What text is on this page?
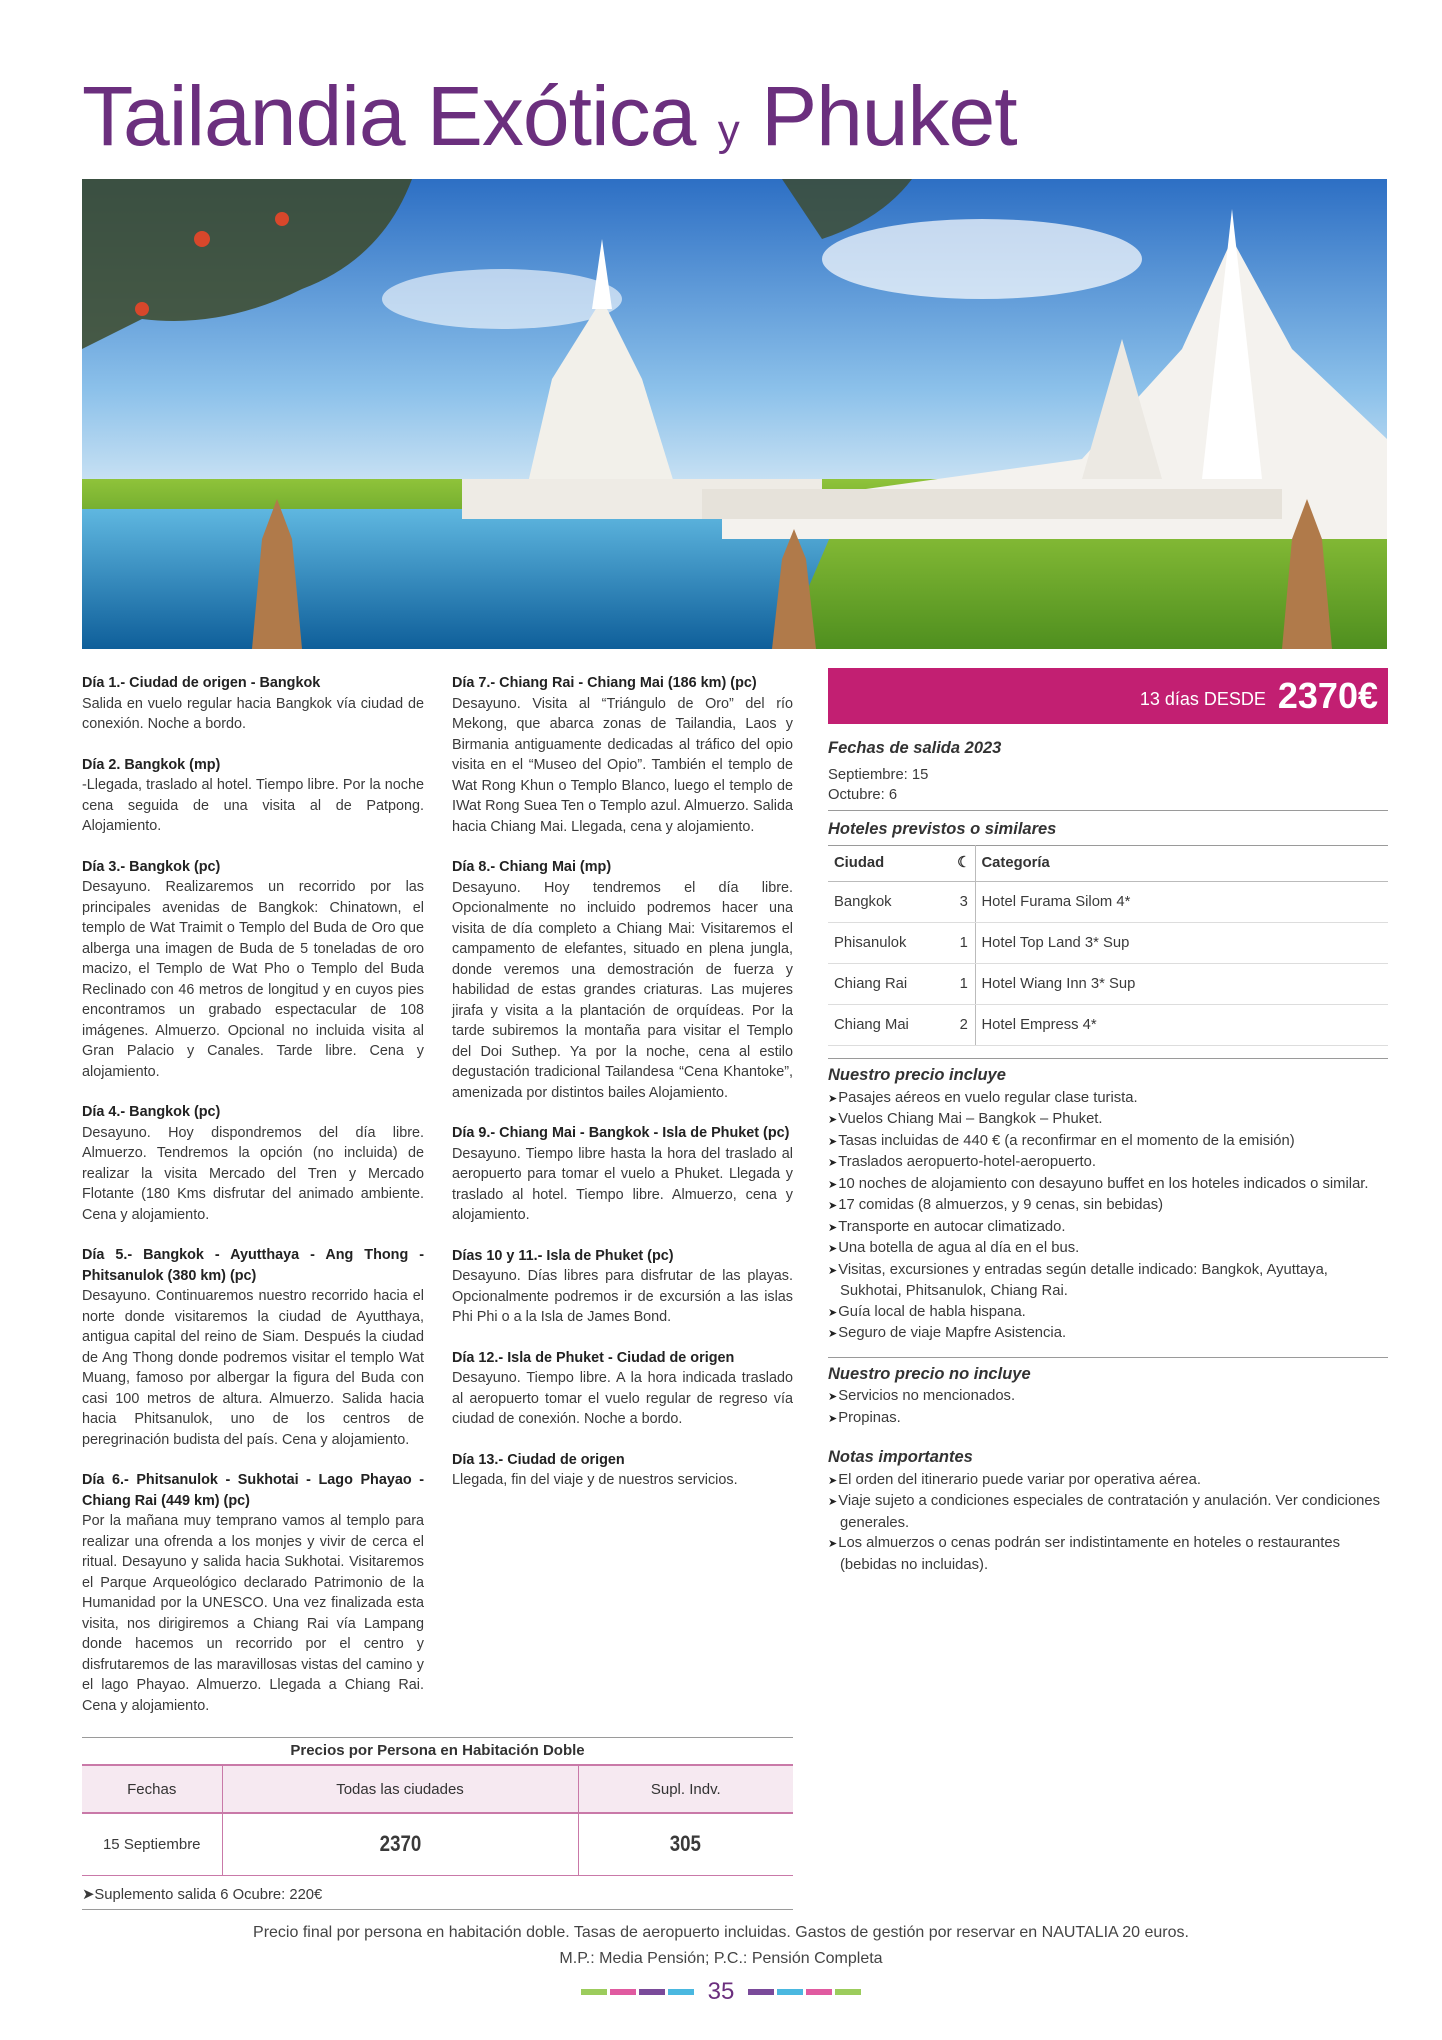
Tailandia Exótica y Phuket
Día 1.- Ciudad de origen - Bangkok
Salida en vuelo regular hacia Bangkok vía ciudad de conexión. Noche a bordo.
Día 2. Bangkok (mp)
-Llegada, traslado al hotel. Tiempo libre. Por la noche cena seguida de una visita al de Patpong. Alojamiento.
Día 3.- Bangkok (pc)
Desayuno. Realizaremos un recorrido por las principales avenidas de Bangkok: Chinatown, el templo de Wat Traimit o Templo del Buda de Oro que alberga una imagen de Buda de 5 toneladas de oro macizo, el Templo de Wat Pho o Templo del Buda Reclinado con 46 metros de longitud y en cuyos pies encontramos un grabado espectacular de 108 imágenes. Almuerzo. Opcional no incluida visita al Gran Palacio y Canales. Tarde libre. Cena y alojamiento.
Día 4.- Bangkok (pc)
Desayuno. Hoy dispondremos del día libre. Almuerzo. Tendremos la opción (no incluida) de realizar la visita Mercado del Tren y Mercado Flotante (180 Kms disfrutar del animado ambiente. Cena y alojamiento.
Día 5.- Bangkok - Ayutthaya - Ang Thong - Phitsanulok (380 km) (pc)
Desayuno. Continuaremos nuestro recorrido hacia el norte donde visitaremos la ciudad de Ayutthaya, antigua capital del reino de Siam. Después la ciudad de Ang Thong donde podremos visitar el templo Wat Muang, famoso por albergar la figura del Buda con casi 100 metros de altura. Almuerzo. Salida hacia hacia Phitsanulok, uno de los centros de peregrinación budista del país. Cena y alojamiento.
Día 6.- Phitsanulok - Sukhotai - Lago Phayao - Chiang Rai (449 km) (pc)
Por la mañana muy temprano vamos al templo para realizar una ofrenda a los monjes y vivir de cerca el ritual. Desayuno y salida hacia Sukhotai. Visitaremos el Parque Arqueológico declarado Patrimonio de la Humanidad por la UNESCO. Una vez finalizada esta visita, nos dirigiremos a Chiang Rai vía Lampang donde hacemos un recorrido por el centro y disfrutaremos de las maravillosas vistas del camino y el lago Phayao. Almuerzo. Llegada a Chiang Rai. Cena y alojamiento.
Día 7.- Chiang Rai - Chiang Mai (186 km) (pc)
Desayuno. Visita al “Triángulo de Oro” del río Mekong, que abarca zonas de Tailandia, Laos y Birmania antiguamente dedicadas al tráfico del opio visita en el “Museo del Opio”. También el templo de Wat Rong Khun o Templo Blanco, luego el templo de IWat Rong Suea Ten o Templo azul. Almuerzo. Salida hacia Chiang Mai. Llegada, cena y alojamiento.
Día 8.- Chiang Mai (mp)
Desayuno. Hoy tendremos el día libre. Opcionalmente no incluido podremos hacer una visita de día completo a Chiang Mai: Visitaremos el campamento de elefantes, situado en plena jungla, donde veremos una demostración de fuerza y habilidad de estas grandes criaturas. Las mujeres jirafa y visita a la plantación de orquídeas. Por la tarde subiremos la montaña para visitar el Templo del Doi Suthep. Ya por la noche, cena al estilo degustación tradicional Tailandesa “Cena Khantoke”, amenizada por distintos bailes Alojamiento.
Día 9.- Chiang Mai - Bangkok - Isla de Phuket (pc)
Desayuno. Tiempo libre hasta la hora del traslado al aeropuerto para tomar el vuelo a Phuket. Llegada y traslado al hotel. Tiempo libre. Almuerzo, cena y alojamiento.
Días 10 y 11.- Isla de Phuket (pc)
Desayuno. Días libres para disfrutar de las playas. Opcionalmente podremos ir de excursión a las islas Phi Phi o a la Isla de James Bond.
Día 12.- Isla de Phuket - Ciudad de origen
Desayuno. Tiempo libre. A la hora indicada traslado al aeropuerto tomar el vuelo regular de regreso vía ciudad de conexión. Noche a bordo.
Día 13.- Ciudad de origen
Llegada, fin del viaje y de nuestros servicios.
13 días DESDE 2370€
Fechas de salida 2023
Septiembre: 15
Octubre: 6
Hoteles previstos o similares
Ciudad	☾	Categoría
Bangkok	3	Hotel Furama Silom 4*
Phisanulok	1	Hotel Top Land 3* Sup
Chiang Rai	1	Hotel Wiang Inn 3* Sup
Chiang Mai	2	Hotel Empress 4*
Nuestro precio incluye
➤ Pasajes aéreos en vuelo regular clase turista.
➤ Vuelos Chiang Mai – Bangkok – Phuket.
➤ Tasas incluidas de 440 € (a reconfirmar en el momento de la emisión)
➤ Traslados aeropuerto-hotel-aeropuerto.
➤ 10 noches de alojamiento con desayuno buffet en los hoteles indicados o similar.
➤ 17 comidas (8 almuerzos, y 9 cenas, sin bebidas)
➤ Transporte en autocar climatizado.
➤ Una botella de agua al día en el bus.
➤ Visitas, excursiones y entradas según detalle indicado: Bangkok, Ayuttaya, Sukhotai, Phitsanulok, Chiang Rai.
➤ Guía local de habla hispana.
➤ Seguro de viaje Mapfre Asistencia.
Nuestro precio no incluye
➤ Servicios no mencionados.
➤ Propinas.
Notas importantes
➤ El orden del itinerario puede variar por operativa aérea.
➤ Viaje sujeto a condiciones especiales de contratación y anulación. Ver condiciones generales.
➤ Los almuerzos o cenas podrán ser indistintamente en hoteles o restaurantes (bebidas no incluidas).
Precios por Persona en Habitación Doble
Fechas	Todas las ciudades	Supl. Indv.
15 Septiembre	2370	305
➤Suplemento salida 6 Ocubre: 220€
Precio final por persona en habitación doble. Tasas de aeropuerto incluidas. Gastos de gestión por reservar en NAUTALIA 20 euros.
M.P.: Media Pensión; P.C.: Pensión Completa
35
